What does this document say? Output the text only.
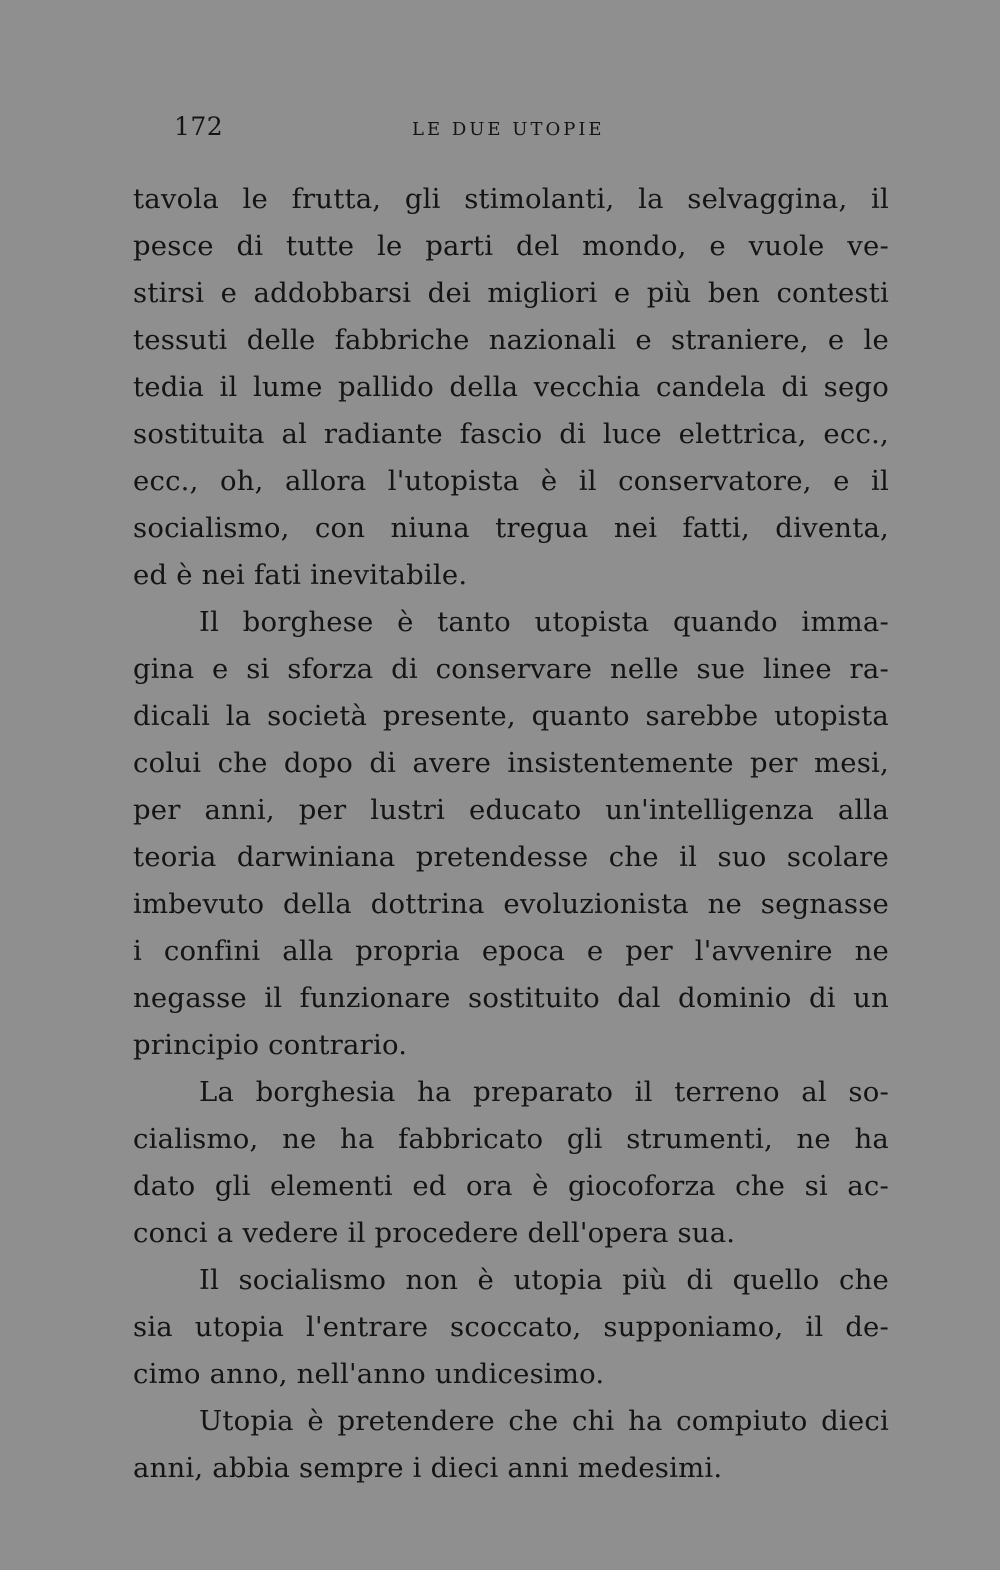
172	LE DUE UTOPIE
tavola le frutta, gli stimolanti, la selvaggina, il
pesce di tutte le parti del mondo, e vuole ve-
stirsi e addobbarsi dei migliori e più ben contesti
tessuti delle fabbriche nazionali e straniere, e le
tedia il lume pallido della vecchia candela di sego
sostituita al radiante fascio di luce elettrica, ecc.,
ecc., oh, allora l'utopista è il conservatore, e il
socialismo, con niuna tregua nei fatti, diventa,
ed è nei fati inevitabile.
Il borghese è tanto utopista quando imma-
gina e si sforza di conservare nelle sue linee ra-
dicali la società presente, quanto sarebbe utopista
colui che dopo di avere insistentemente per mesi,
per anni, per lustri educato un'intelligenza alla
teoria darwiniana pretendesse che il suo scolare
imbevuto della dottrina evoluzionista ne segnasse
i confini alla propria epoca e per l'avvenire ne
negasse il funzionare sostituito dal dominio di un
principio contrario.
La borghesia ha preparato il terreno al so-
cialismo, ne ha fabbricato gli strumenti, ne ha
dato gli elementi ed ora è giocoforza che si ac-
conci a vedere il procedere dell'opera sua.
Il socialismo non è utopia più di quello che
sia utopia l'entrare scoccato, supponiamo, il de-
cimo anno, nell'anno undicesimo.
Utopia è pretendere che chi ha compiuto dieci
anni, abbia sempre i dieci anni medesimi.
